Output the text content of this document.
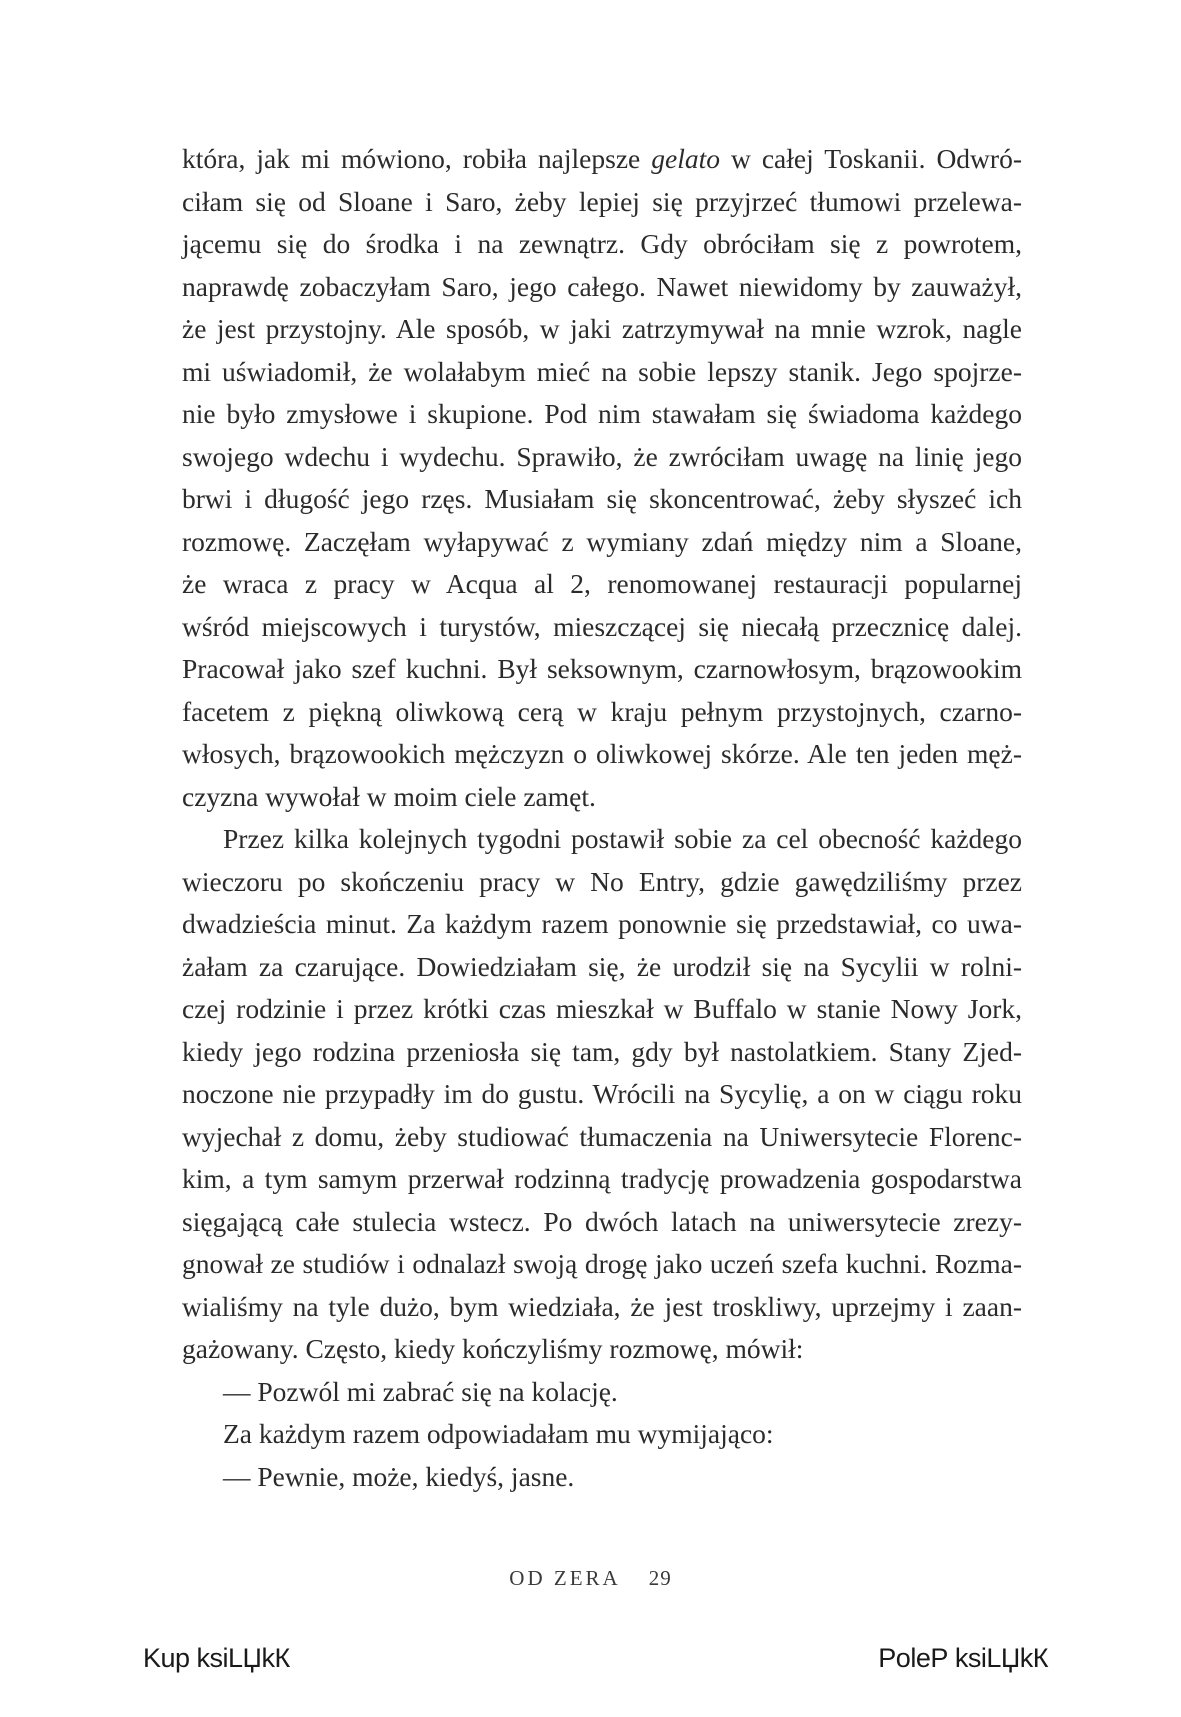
która, jak mi mówiono, robiła najlepsze gelato w całej Toskanii. Odwró-
ciłam się od Sloane i Saro, żeby lepiej się przyjrzeć tłumowi przelewa-
jącemu się do środka i na zewnątrz. Gdy obróciłam się z powrotem,
naprawdę zobaczyłam Saro, jego całego. Nawet niewidomy by zauważył,
że jest przystojny. Ale sposób, w jaki zatrzymywał na mnie wzrok, nagle
mi uświadomił, że wolałabym mieć na sobie lepszy stanik. Jego spojrze-
nie było zmysłowe i skupione. Pod nim stawałam się świadoma każdego
swojego wdechu i wydechu. Sprawiło, że zwróciłam uwagę na linię jego
brwi i długość jego rzęs. Musiałam się skoncentrować, żeby słyszeć ich
rozmowę. Zaczęłam wyłapywać z wymiany zdań między nim a Sloane,
że wraca z pracy w Acqua al 2, renomowanej restauracji popularnej
wśród miejscowych i turystów, mieszczącej się niecałą przecznicę dalej.
Pracował jako szef kuchni. Był seksownym, czarnowłosym, brązowookim
facetem z piękną oliwkową cerą w kraju pełnym przystojnych, czarno-
włosych, brązowookich mężczyzn o oliwkowej skórze. Ale ten jeden męż-
czyzna wywołał w moim ciele zamęt.
Przez kilka kolejnych tygodni postawił sobie za cel obecność każdego
wieczoru po skończeniu pracy w No Entry, gdzie gawędziliśmy przez
dwadzieścia minut. Za każdym razem ponownie się przedstawiał, co uwa-
żałam za czarujące. Dowiedziałam się, że urodził się na Sycylii w rolni-
czej rodzinie i przez krótki czas mieszkał w Buffalo w stanie Nowy Jork,
kiedy jego rodzina przeniosła się tam, gdy był nastolatkiem. Stany Zjed-
noczone nie przypadły im do gustu. Wrócili na Sycylię, a on w ciągu roku
wyjechał z domu, żeby studiować tłumaczenia na Uniwersytecie Florenc-
kim, a tym samym przerwał rodzinną tradycję prowadzenia gospodarstwa
sięgającą całe stulecia wstecz. Po dwóch latach na uniwersytecie zrezy-
gnował ze studiów i odnalazł swoją drogę jako uczeń szefa kuchni. Rozma-
wialiśmy na tyle dużo, bym wiedziała, że jest troskliwy, uprzejmy i zaan-
gażowany. Często, kiedy kończyliśmy rozmowę, mówił:
— Pozwól mi zabrać się na kolację.
Za każdym razem odpowiadałam mu wymijająco:
— Pewnie, może, kiedyś, jasne.
OD ZERA 29
Kup ksiLЏkК	PoleР ksiLЏkК
